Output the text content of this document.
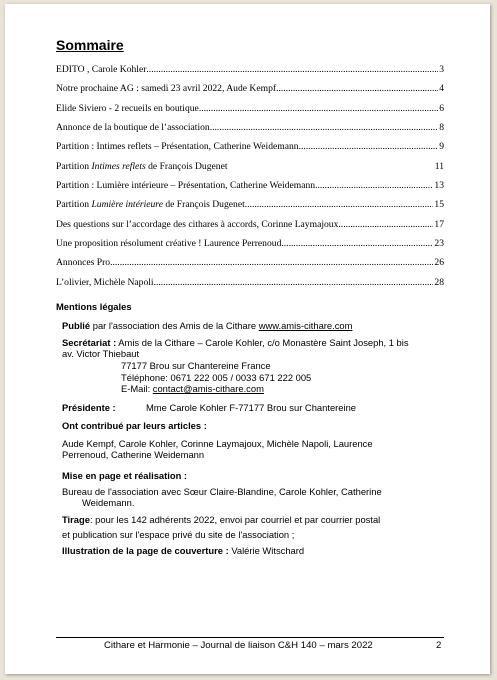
Sommaire
EDITO , Carole Kohler .....	3
Notre prochaine AG : samedi 23 avril 2022, Aude Kempf .....	4
Elide Siviero - 2 recueils en boutique .....	6
Annonce de la boutique de l’association .....	8
Partition : Intimes reflets – Présentation, Catherine Weidemann .....	9
Partition Intimes reflets de François Dugenet	11
Partition : Lumière intérieure – Présentation, Catherine Weidemann .....	13
Partition Lumière intérieure de François Dugenet .....	15
Des questions sur l’accordage des cithares à accords, Corinne Laymajoux .....	17
Une proposition résolument créative ! Laurence Perrenoud .....	23
Annonces Pro .....	26
L’olivier, Michèle Napoli .....	28
Mentions légales
Publié par l'association des Amis de la Cithare www.amis-cithare.com
Secrétariat : Amis de la Cithare – Carole Kohler, c/o Monastère Saint Joseph, 1 bis
av. Victor Thiebaut
77177 Brou sur Chantereine France
Téléphone: 0671 222 005 / 0033 671 222 005
E-Mail: contact@amis-cithare.com
Présidente :	Mme Carole Kohler F-77177 Brou sur Chantereine
Ont contribué par leurs articles :
Aude Kempf, Carole Kohler, Corinne Laymajoux, Michèle Napoli, Laurence
Perrenoud, Catherine Weidemann
Mise en page et réalisation :
Bureau de l'association avec Sœur Claire-Blandine, Carole Kohler, Catherine
Weidemann.
Tirage: pour les 142 adhérents 2022, envoi par courriel et par courrier postal
et publication sur l'espace privé du site de l'association ;
Illustration de la page de couverture : Valérie Witschard
Cithare et Harmonie – Journal de liaison C&H 140 – mars 2022	2
